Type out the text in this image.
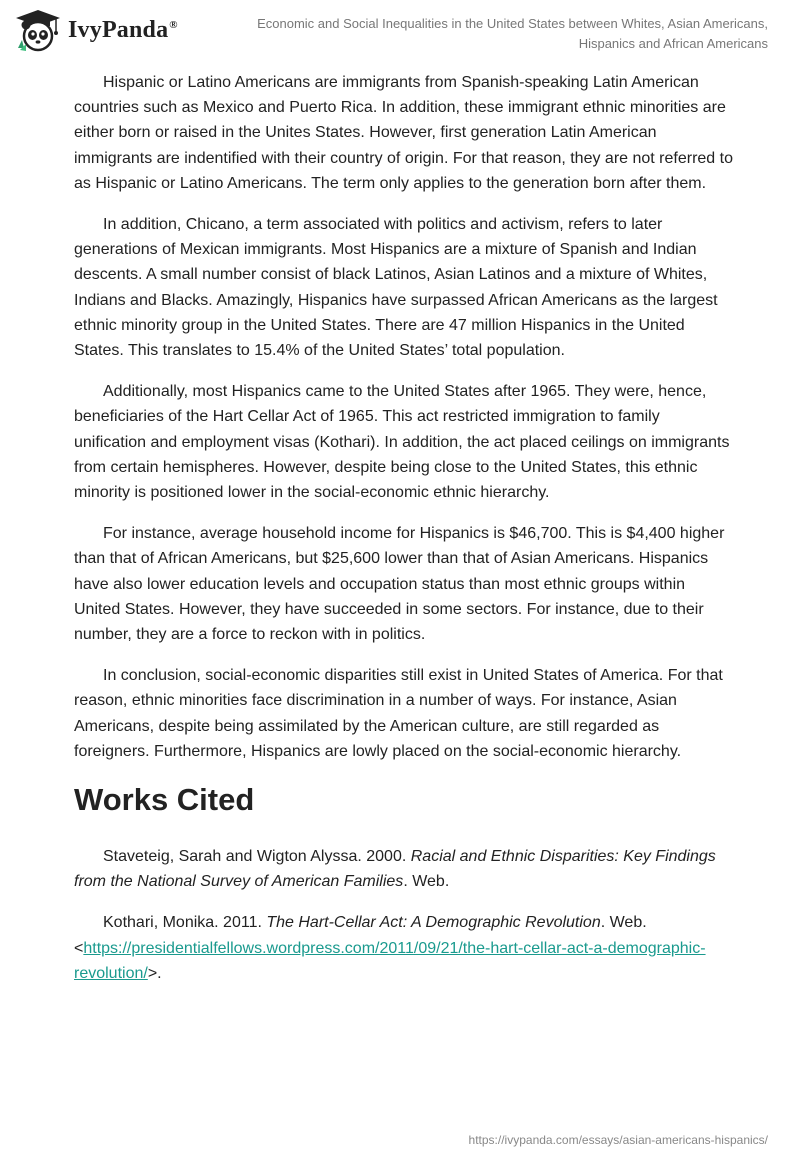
IvyPanda®	Economic and Social Inequalities in the United States between Whites, Asian Americans, Hispanics and African Americans

Hispanic or Latino Americans are immigrants from Spanish-speaking Latin American countries such as Mexico and Puerto Rica. In addition, these immigrant ethnic minorities are either born or raised in the Unites States. However, first generation Latin American immigrants are indentified with their country of origin. For that reason, they are not referred to as Hispanic or Latino Americans. The term only applies to the generation born after them.

In addition, Chicano, a term associated with politics and activism, refers to later generations of Mexican immigrants. Most Hispanics are a mixture of Spanish and Indian descents. A small number consist of black Latinos, Asian Latinos and a mixture of Whites, Indians and Blacks. Amazingly, Hispanics have surpassed African Americans as the largest ethnic minority group in the United States. There are 47 million Hispanics in the United States. This translates to 15.4% of the United States’ total population.

Additionally, most Hispanics came to the United States after 1965. They were, hence, beneficiaries of the Hart Cellar Act of 1965. This act restricted immigration to family unification and employment visas (Kothari). In addition, the act placed ceilings on immigrants from certain hemispheres. However, despite being close to the United States, this ethnic minority is positioned lower in the social-economic ethnic hierarchy.

For instance, average household income for Hispanics is $46,700. This is $4,400 higher than that of African Americans, but $25,600 lower than that of Asian Americans. Hispanics have also lower education levels and occupation status than most ethnic groups within United States. However, they have succeeded in some sectors. For instance, due to their number, they are a force to reckon with in politics.

In conclusion, social-economic disparities still exist in United States of America. For that reason, ethnic minorities face discrimination in a number of ways. For instance, Asian Americans, despite being assimilated by the American culture, are still regarded as foreigners. Furthermore, Hispanics are lowly placed on the social-economic hierarchy.

Works Cited

Staveteig, Sarah and Wigton Alyssa. 2000. Racial and Ethnic Disparities: Key Findings from the National Survey of American Families. Web.

Kothari, Monika. 2011. The Hart-Cellar Act: A Demographic Revolution. Web. <https://presidentialfellows.wordpress.com/2011/09/21/the-hart-cellar-act-a-demographic-revolution/>.

https://ivypanda.com/essays/asian-americans-hispanics/
